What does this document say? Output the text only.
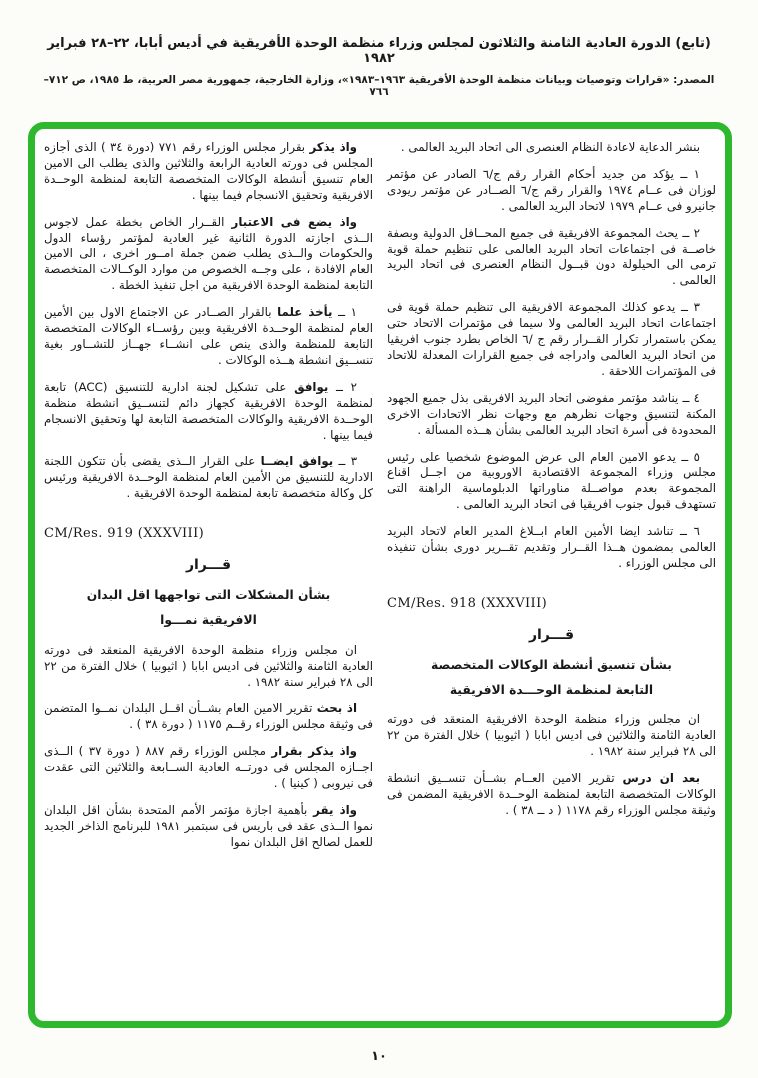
(تابع) الدورة العادية الثامنة والثلاثون لمجلس وزراء منظمة الوحدة الأفريقية في أديس أبابا، ٢٢–٢٨ فبراير ١٩٨٢
المصدر: «قرارات وتوصيات وبيانات منظمة الوحدة الأفريقية ١٩٦٣–١٩٨٣»، وزارة الخارجية، جمهورية مصر العربية، ط ١٩٨٥، ص ٧١٢–٧٦٦

بنشر الدعاية لاعادة النظام العنصرى الى اتحاد البريد العالمى .

١ ــ يؤكد من جديد أحكام القرار رقم ج/٦ الصادر عن مؤتمر لوزان فى عــام ١٩٧٤ والقرار رقم ج/٦ الصــادر عن مؤتمر ريودى جانيرو فى عــام ١٩٧٩ لاتحاد البريد العالمى .

٢ ــ يحث المجموعة الافريقية فى جميع المحــافل الدولية وبصفة خاصــة فى اجتماعات اتحاد البريد العالمى على تنظيم حملة قوية ترمى الى الحيلولة دون قبــول النظام العنصرى فى اتحاد البريد العالمى .

٣ ــ يدعو كذلك المجموعة الافريقية الى تنظيم حملة قوية فى اجتماعات اتحاد البريد العالمى ولا سيما فى مؤتمرات الاتحاد حتى يمكن باستمرار تكرار القــرار رقم ج /٦ الخاص بطرد جنوب افريقيا من اتحاد البريد العالمى وادراجه فى جميع القرارات المعدلة للاتحاد فى المؤتمرات اللاحقة .

٤ ــ يناشد مؤتمر مفوضى اتحاد البريد الافريقى بذل جميع الجهود المكنة لتنسيق وجهات نظرهم مع وجهات نظر الاتحادات الاخرى المحدودة فى أسرة اتحاد البريد العالمى بشأن هــذه المسألة .

٥ ــ يدعو الامين العام الى عرض الموضوع شخصيا على رئيس مجلس وزراء المجموعة الاقتصادية الاوروبية من اجــل اقناع المجموعة بعدم مواصــلة مناوراتها الدبلوماسية الراهنة التى تستهدف قبول جنوب افريقيا فى اتحاد البريد العالمى .

٦ ــ تناشد ايضا الأمين العام ابــلاغ المدير العام لاتحاد البريد العالمى بمضمون هــذا القــرار وتقديم تقــرير دورى بشأن تنفيذه الى مجلس الوزراء .

CM/Res. 918 (XXXVIII)

قـــرار

بشأن تنسيق أنشطة الوكالات المتخصصة

التابعة لمنظمة الوحـــدة الافريقية

ان مجلس وزراء منظمة الوحدة الافريقية المنعقد فى دورته العادية الثامنة والثلاثين فى اديس ابابا ( اثيوبيا ) خلال الفترة من ٢٢ الى ٢٨ فبراير سنة ١٩٨٢ .

بعد ان درس تقرير الامين العــام بشــأن تنســيق انشطة الوكالات المتخصصة التابعة لمنظمة الوحــدة الافريقية المضمن فى وثيقة مجلس الوزراء رقم ١١٧٨ ( د ــ ٣٨ ) .

واذ يذكر بقرار مجلس الوزراء رقم ٧٧١ (دورة ٣٤ ) الذى أجازه المجلس فى دورته العادية الرابعة والثلاثين والذى يطلب الى الامين العام تنسيق أنشطة الوكالات المتخصصة التابعة لمنظمة الوحــدة الافريقية وتحقيق الانسجام فيما بينها .

واذ يضع فى الاعتبار القــرار الخاص بخطة عمل لاجوس الــذى اجازته الدورة الثانية غير العادية لمؤتمر رؤساء الدول والحكومات والــذى يطلب ضمن جملة امــور اخرى ، الى الامين العام الافادة ، على وجــه الخصوص من موارد الوكــالات المتخصصة التابعة لمنظمة الوحدة الافريقية من اجل تنفيذ الخطة .

١ ــ يأخذ علما بالقرار الصــادر عن الاجتماع الاول بين الأمين العام لمنظمة الوحــدة الافريقية وبين رؤســاء الوكالات المتخصصة التابعة للمنظمة والذى ينص على انشــاء جهــاز للتشــاور بغية تنســيق انشطة هــذه الوكالات .

٢ ــ يوافق على تشكيل لجنة ادارية للتنسيق (ACC) تابعة لمنظمة الوحدة الافريقية كجهاز دائم لتنســيق انشطة منظمة الوحــدة الافريقية والوكالات المتخصصة التابعة لها وتحقيق الانسجام فيما بينها .

٣ ــ يوافق ايضــا على القرار الــذى يقضى بأن تتكون اللجنة الادارية للتنسيق من الأمين العام لمنظمة الوحــدة الافريقية ورئيس كل وكالة متخصصة تابعة لمنظمة الوحدة الافريقية .

CM/Res. 919 (XXXVIII)

قـــرار

بشأن المشكلات التى تواجهها اقل البدان

الافريقية نمـــوا

ان مجلس وزراء منظمة الوحدة الافريقية المنعقد فى دورته العادية الثامنة والثلاثين فى اديس ابابا ( اثيوبيا ) خلال الفترة من ٢٢ الى ٢٨ فبراير سنة ١٩٨٢ .

اذ بحث تقرير الامين العام بشــأن اقــل البلدان نمــوا المتضمن فى وثيقة مجلس الوزراء رقــم ١١٧٥ ( دورة ٣٨ ) .

واذ يذكر بقرار مجلس الوزراء رقم ٨٨٧ ( دورة ٣٧ ) الــذى اجــازه المجلس فى دورتــه العادية الســابعة والثلاثين التى عقدت فى نيروبى ( كينيا ) .

واذ يقر بأهمية اجازة مؤتمر الأمم المتحدة بشأن اقل البلدان نموا الــذى عقد فى باريس فى سبتمبر ١٩٨١ للبرنامج الذاخر الجديد للعمل لصالح اقل البلدان نموا

١٠
